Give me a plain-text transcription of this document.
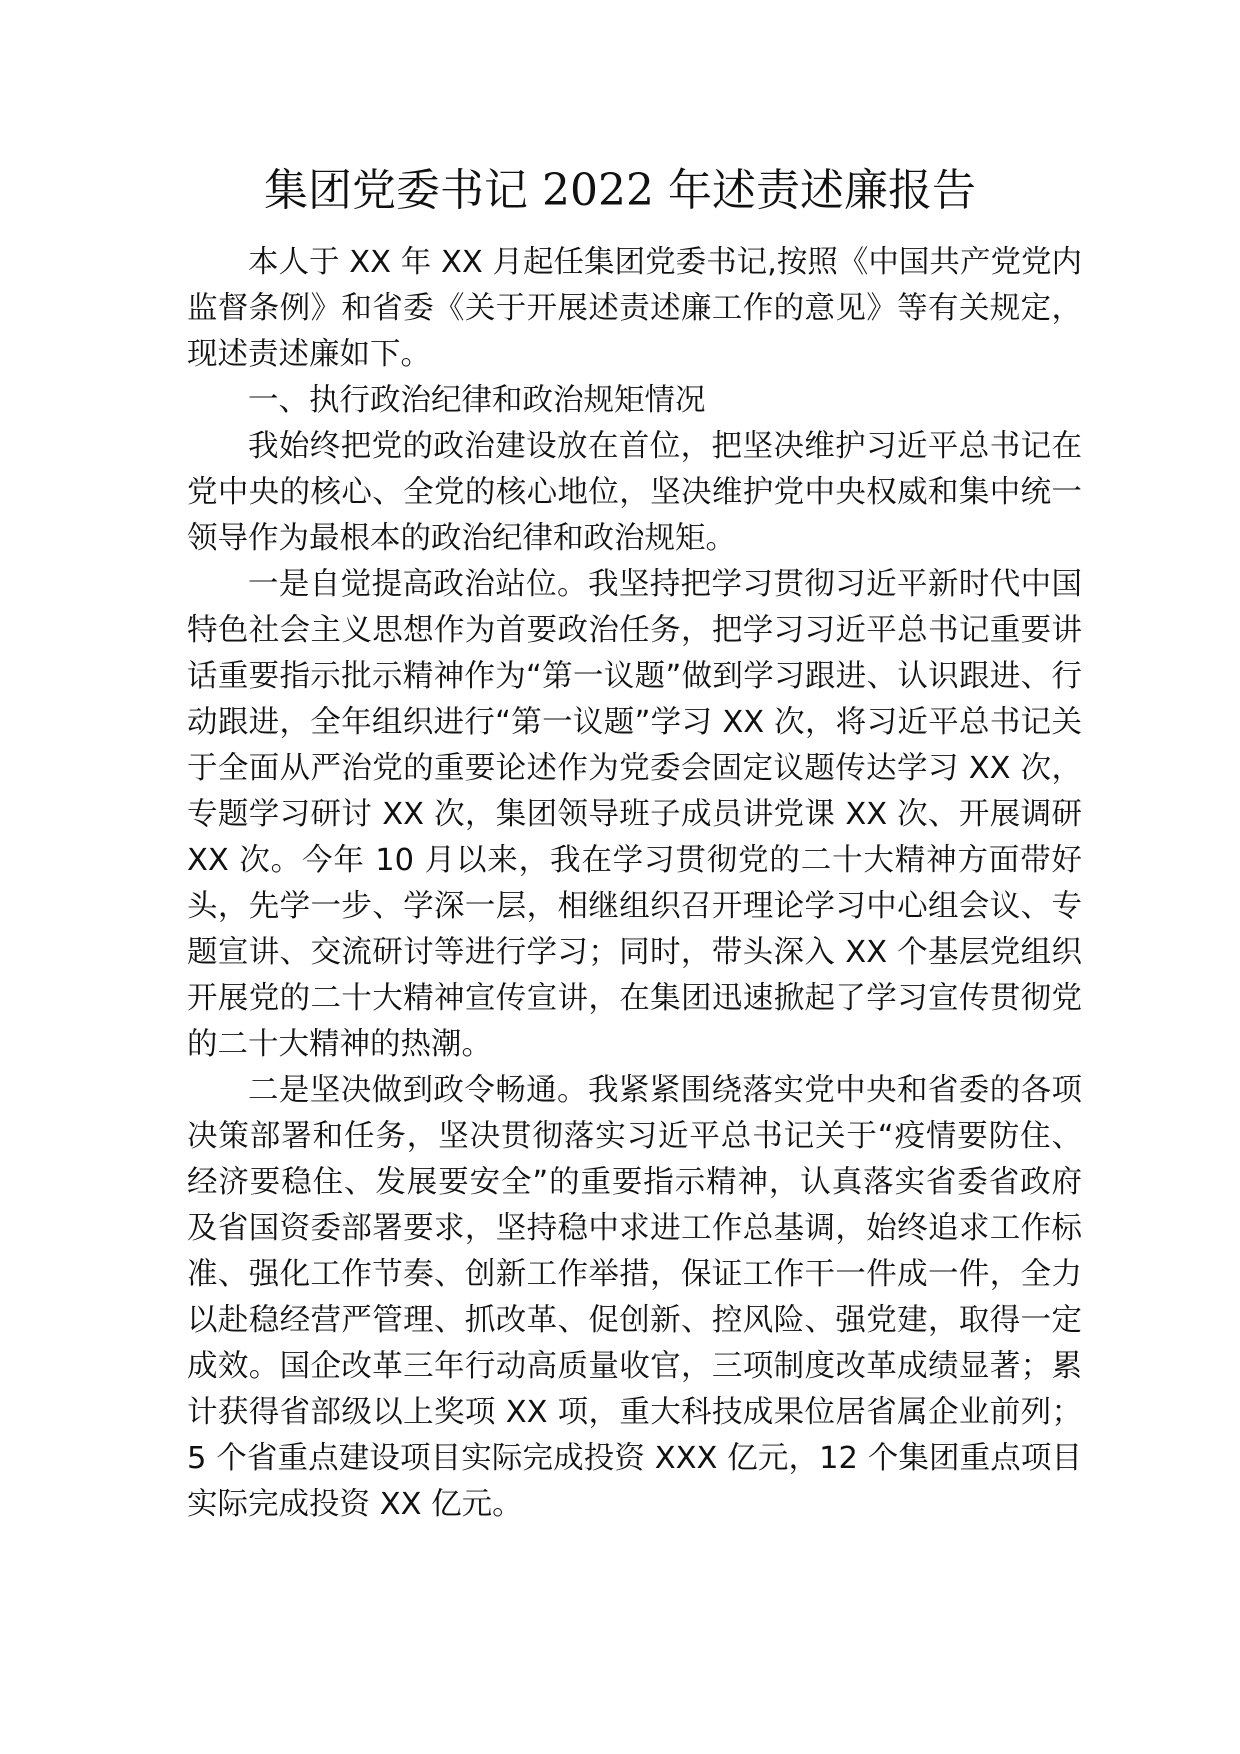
集团党委书记 2022 年述责述廉报告

本人于 XX 年 XX 月起任集团党委书记,按照《中国共产党党内监督条例》和省委《关于开展述责述廉工作的意见》等有关规定，现述责述廉如下。

一、执行政治纪律和政治规矩情况

我始终把党的政治建设放在首位，把坚决维护习近平总书记在党中央的核心、全党的核心地位，坚决维护党中央权威和集中统一领导作为最根本的政治纪律和政治规矩。

一是自觉提高政治站位。我坚持把学习贯彻习近平新时代中国特色社会主义思想作为首要政治任务，把学习习近平总书记重要讲话重要指示批示精神作为“第一议题”做到学习跟进、认识跟进、行动跟进，全年组织进行“第一议题”学习 XX 次，将习近平总书记关于全面从严治党的重要论述作为党委会固定议题传达学习 XX 次，专题学习研讨 XX 次，集团领导班子成员讲党课 XX 次、开展调研 XX 次。今年 10 月以来，我在学习贯彻党的二十大精神方面带好头，先学一步、学深一层，相继组织召开理论学习中心组会议、专题宣讲、交流研讨等进行学习；同时，带头深入 XX 个基层党组织开展党的二十大精神宣传宣讲，在集团迅速掀起了学习宣传贯彻党的二十大精神的热潮。

二是坚决做到政令畅通。我紧紧围绕落实党中央和省委的各项决策部署和任务，坚决贯彻落实习近平总书记关于“疫情要防住、经济要稳住、发展要安全”的重要指示精神，认真落实省委省政府及省国资委部署要求，坚持稳中求进工作总基调，始终追求工作标准、强化工作节奏、创新工作举措，保证工作干一件成一件，全力以赴稳经营严管理、抓改革、促创新、控风险、强党建，取得一定成效。国企改革三年行动高质量收官，三项制度改革成绩显著；累计获得省部级以上奖项 XX 项，重大科技成果位居省属企业前列；5 个省重点建设项目实际完成投资 XXX 亿元，12 个集团重点项目实际完成投资 XX 亿元。
